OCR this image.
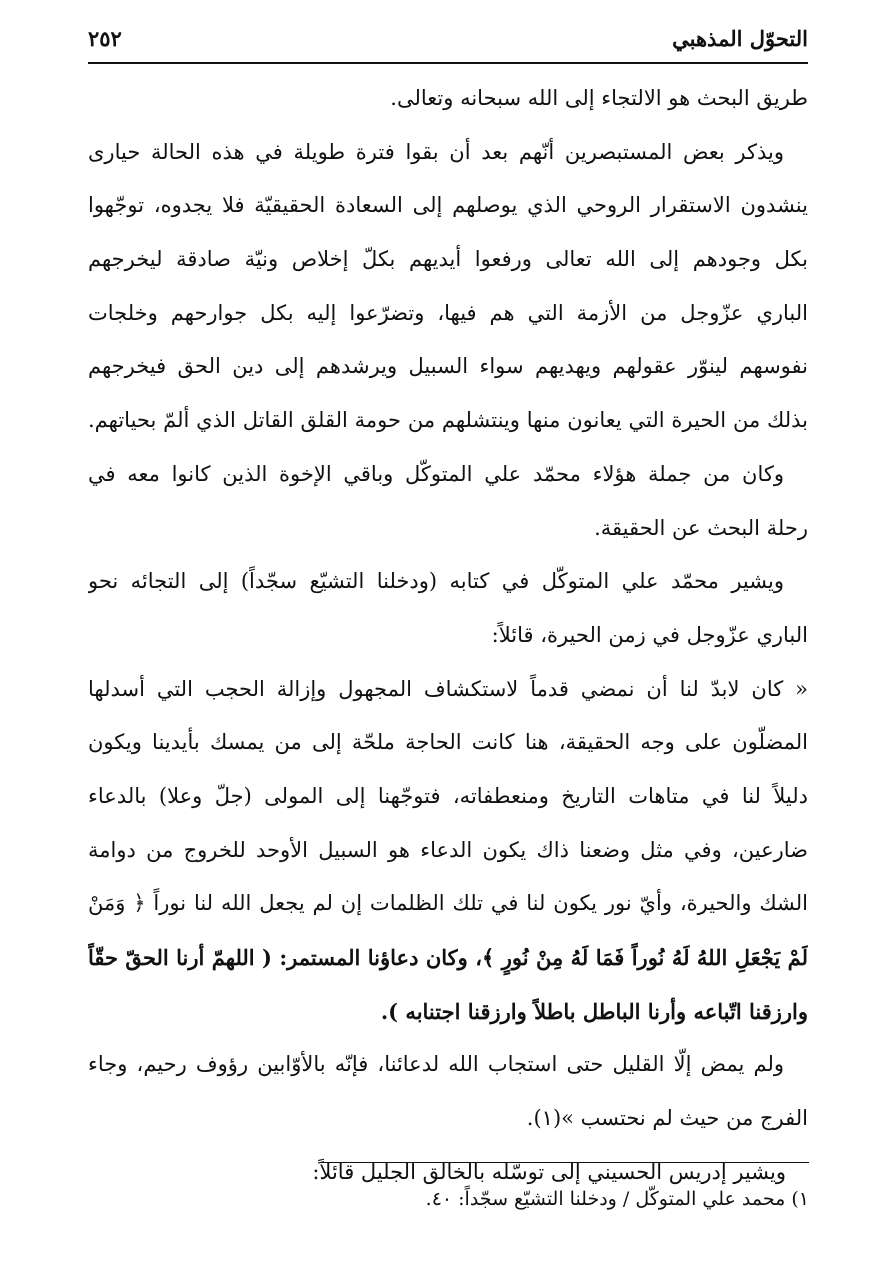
التحوّل المذهبي
٢٥٢
طريق البحث هو الالتجاء إلى الله سبحانه وتعالى.
ويذكر بعض المستبصرين أنّهم بعد أن بقوا فترة طويلة في هذه الحالة حيارى
ينشدون الاستقرار الروحي الذي يوصلهم إلى السعادة الحقيقيّة فلا يجدوه، توجّهوا
بكل وجودهم إلى الله تعالى ورفعوا أيديهم بكلّ إخلاص ونيّة صادقة ليخرجهم
الباري عزّوجل من الأزمة التي هم فيها، وتضرّعوا إليه بكل جوارحهم وخلجات
نفوسهم لينوّر عقولهم ويهديهم سواء السبيل ويرشدهم إلى دين الحق فيخرجهم
بذلك من الحيرة التي يعانون منها وينتشلهم من حومة القلق القاتل الذي ألمّ بحياتهم.
وكان من جملة هؤلاء محمّد علي المتوكّل وباقي الإخوة الذين كانوا معه في
رحلة البحث عن الحقيقة.
ويشير محمّد علي المتوكّل في كتابه (ودخلنا التشيّع سجّداً) إلى التجائه نحو
الباري عزّوجل في زمن الحيرة، قائلاً:
« كان لابدّ لنا أن نمضي قدماً لاستكشاف المجهول وإزالة الحجب التي أسدلها
المضلّون على وجه الحقيقة، هنا كانت الحاجة ملحّة إلى من يمسك بأيدينا ويكون
دليلاً لنا في متاهات التاريخ ومنعطفاته، فتوجّهنا إلى المولى (جلّ وعلا) بالدعاء
ضارعين، وفي مثل وضعنا ذاك يكون الدعاء هو السبيل الأوحد للخروج من دوامة
الشك والحيرة، وأيّ نور يكون لنا في تلك الظلمات إن لم يجعل الله لنا نوراً ﴿ وَمَنْ
لَمْ يَجْعَلِ اللهُ لَهُ نُوراً فَمَا لَهُ مِنْ نُورٍ ﴾، وكان دعاؤنا المستمر: ( اللهمّ أرنا الحقّ حقّاً
وارزقنا اتّباعه وأرنا الباطل باطلاً وارزقنا اجتنابه ).
ولم يمض إلّا القليل حتى استجاب الله لدعائنا، فإنّه بالأوّابين رؤوف رحيم، وجاء
الفرج من حيث لم نحتسب »(١).
ويشير إدريس الحسيني إلى توسّله بالخالق الجليل قائلاً:
١) محمد علي المتوكّل / ودخلنا التشيّع سجّداً: ٤٠.
